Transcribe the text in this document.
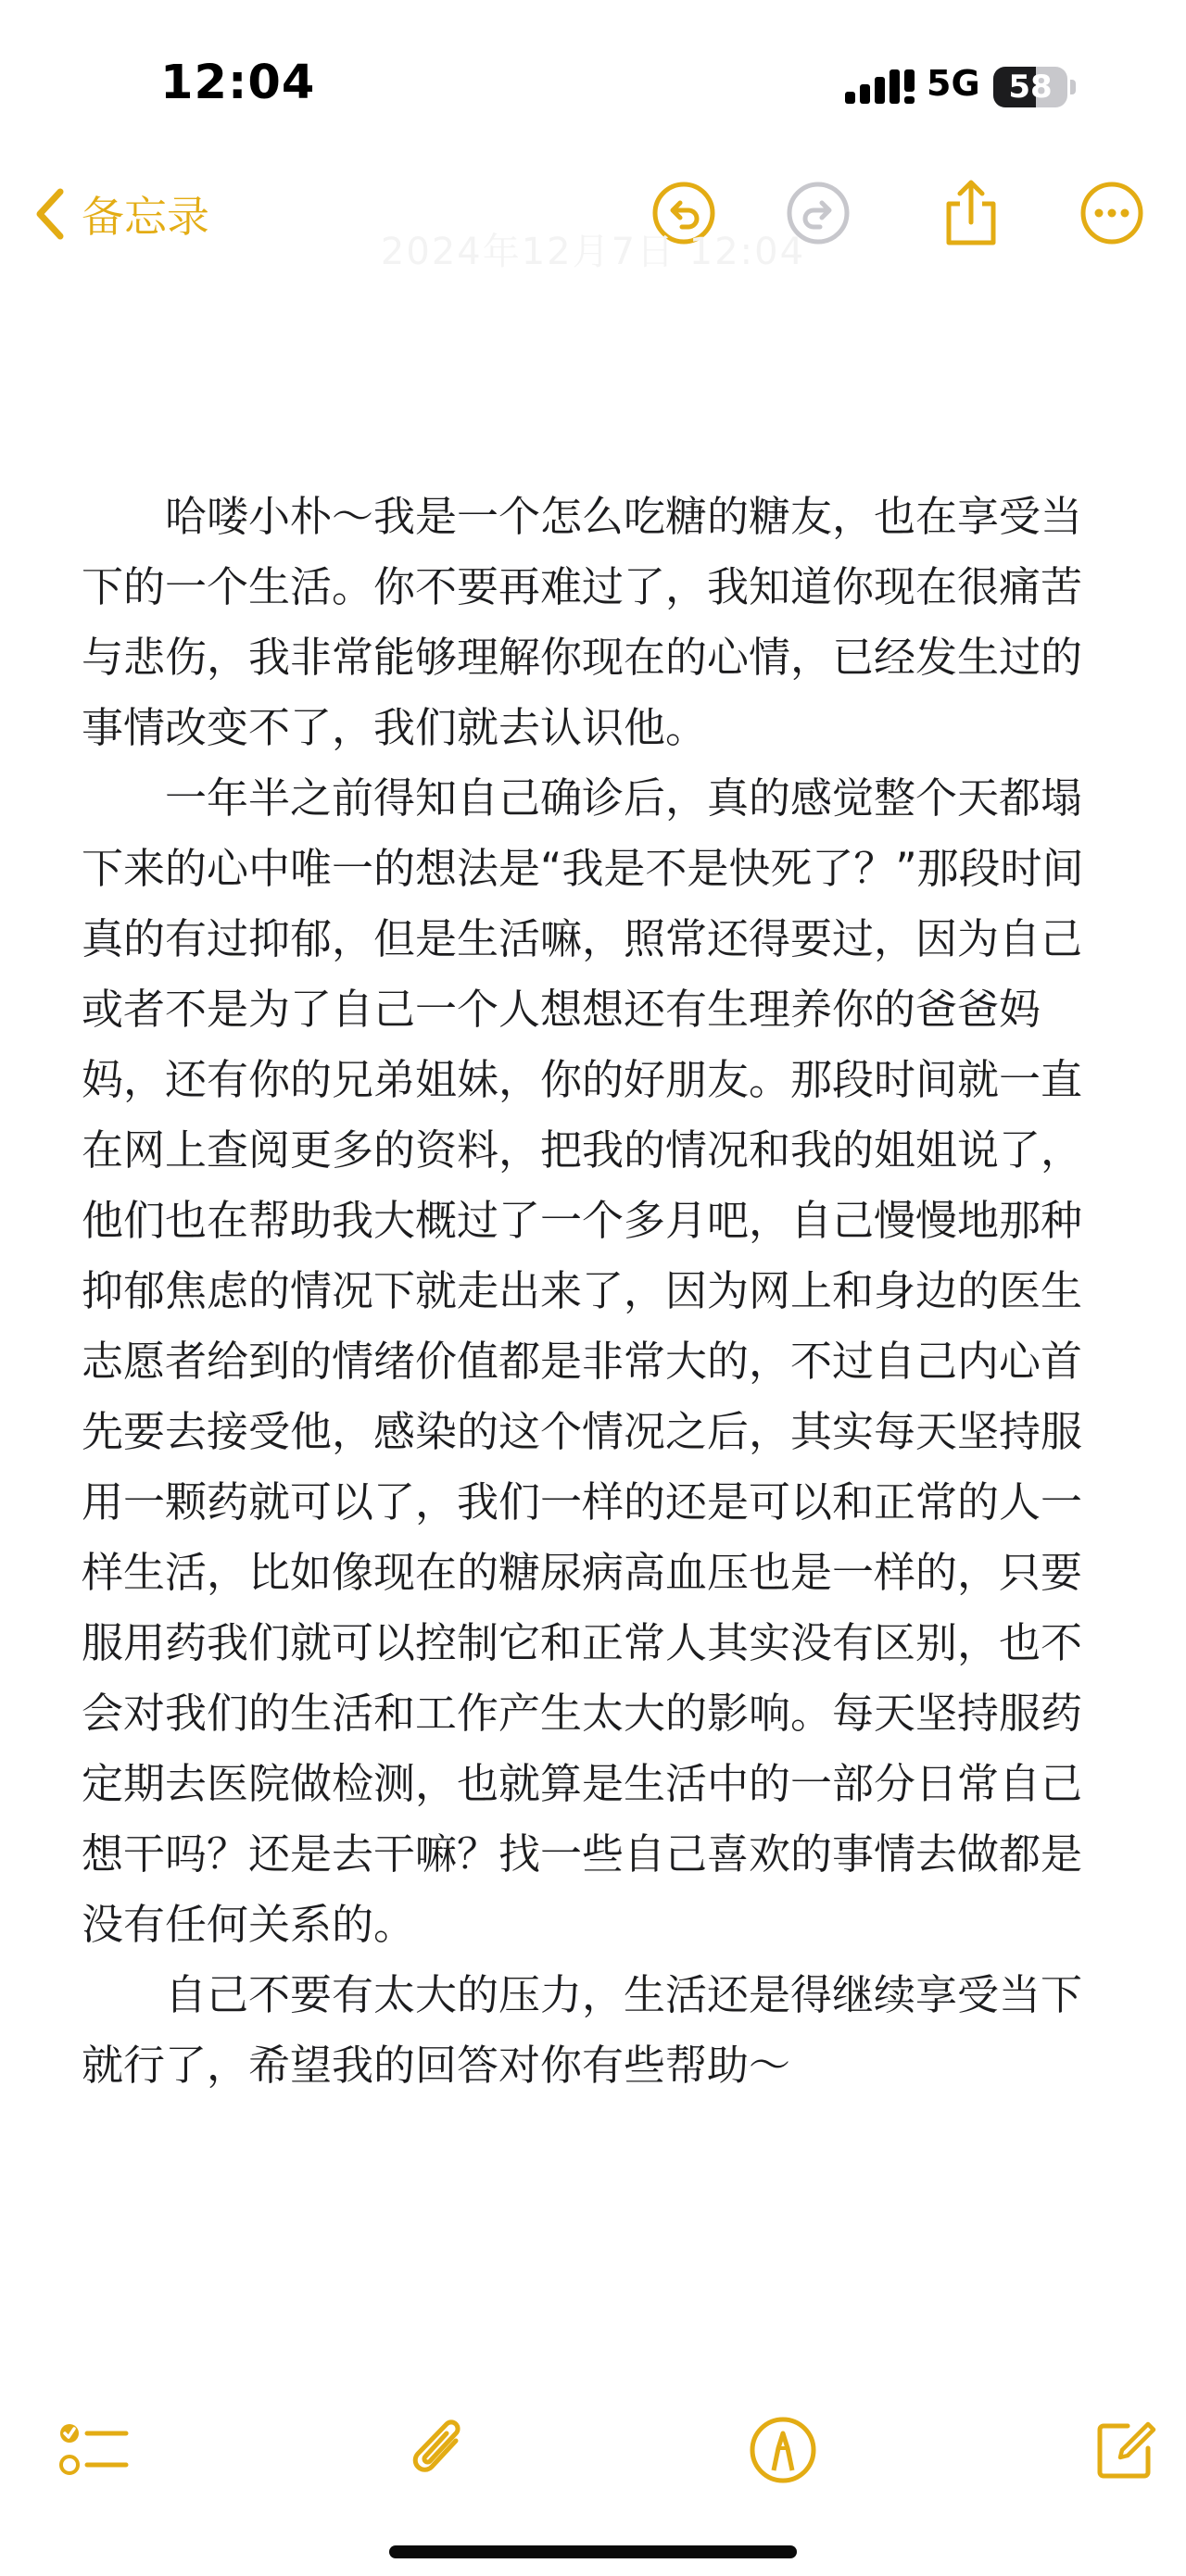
12:04	5G 58
备忘录
2024年12月7日 12:04

哈喽小朴～我是一个怎么吃糖的糖友，也在享受当下的一个生活。你不要再难过了，我知道你现在很痛苦与悲伤，我非常能够理解你现在的心情，已经发生过的事情改变不了，我们就去认识他。

一年半之前得知自己确诊后，真的感觉整个天都塌下来的心中唯一的想法是“我是不是快死了？”那段时间真的有过抑郁，但是生活嘛，照常还得要过，因为自己或者不是为了自己一个人想想还有生理养你的爸爸妈妈，还有你的兄弟姐妹，你的好朋友。那段时间就一直在网上查阅更多的资料，把我的情况和我的姐姐说了，他们也在帮助我大概过了一个多月吧，自己慢慢地那种抑郁焦虑的情况下就走出来了，因为网上和身边的医生志愿者给到的情绪价值都是非常大的，不过自己内心首先要去接受他，感染的这个情况之后，其实每天坚持服用一颗药就可以了，我们一样的还是可以和正常的人一样生活，比如像现在的糖尿病高血压也是一样的，只要服用药我们就可以控制它和正常人其实没有区别，也不会对我们的生活和工作产生太大的影响。每天坚持服药定期去医院做检测，也就算是生活中的一部分日常自己想干吗？还是去干嘛？找一些自己喜欢的事情去做都是没有任何关系的。

自己不要有太大的压力，生活还是得继续享受当下就行了，希望我的回答对你有些帮助～
